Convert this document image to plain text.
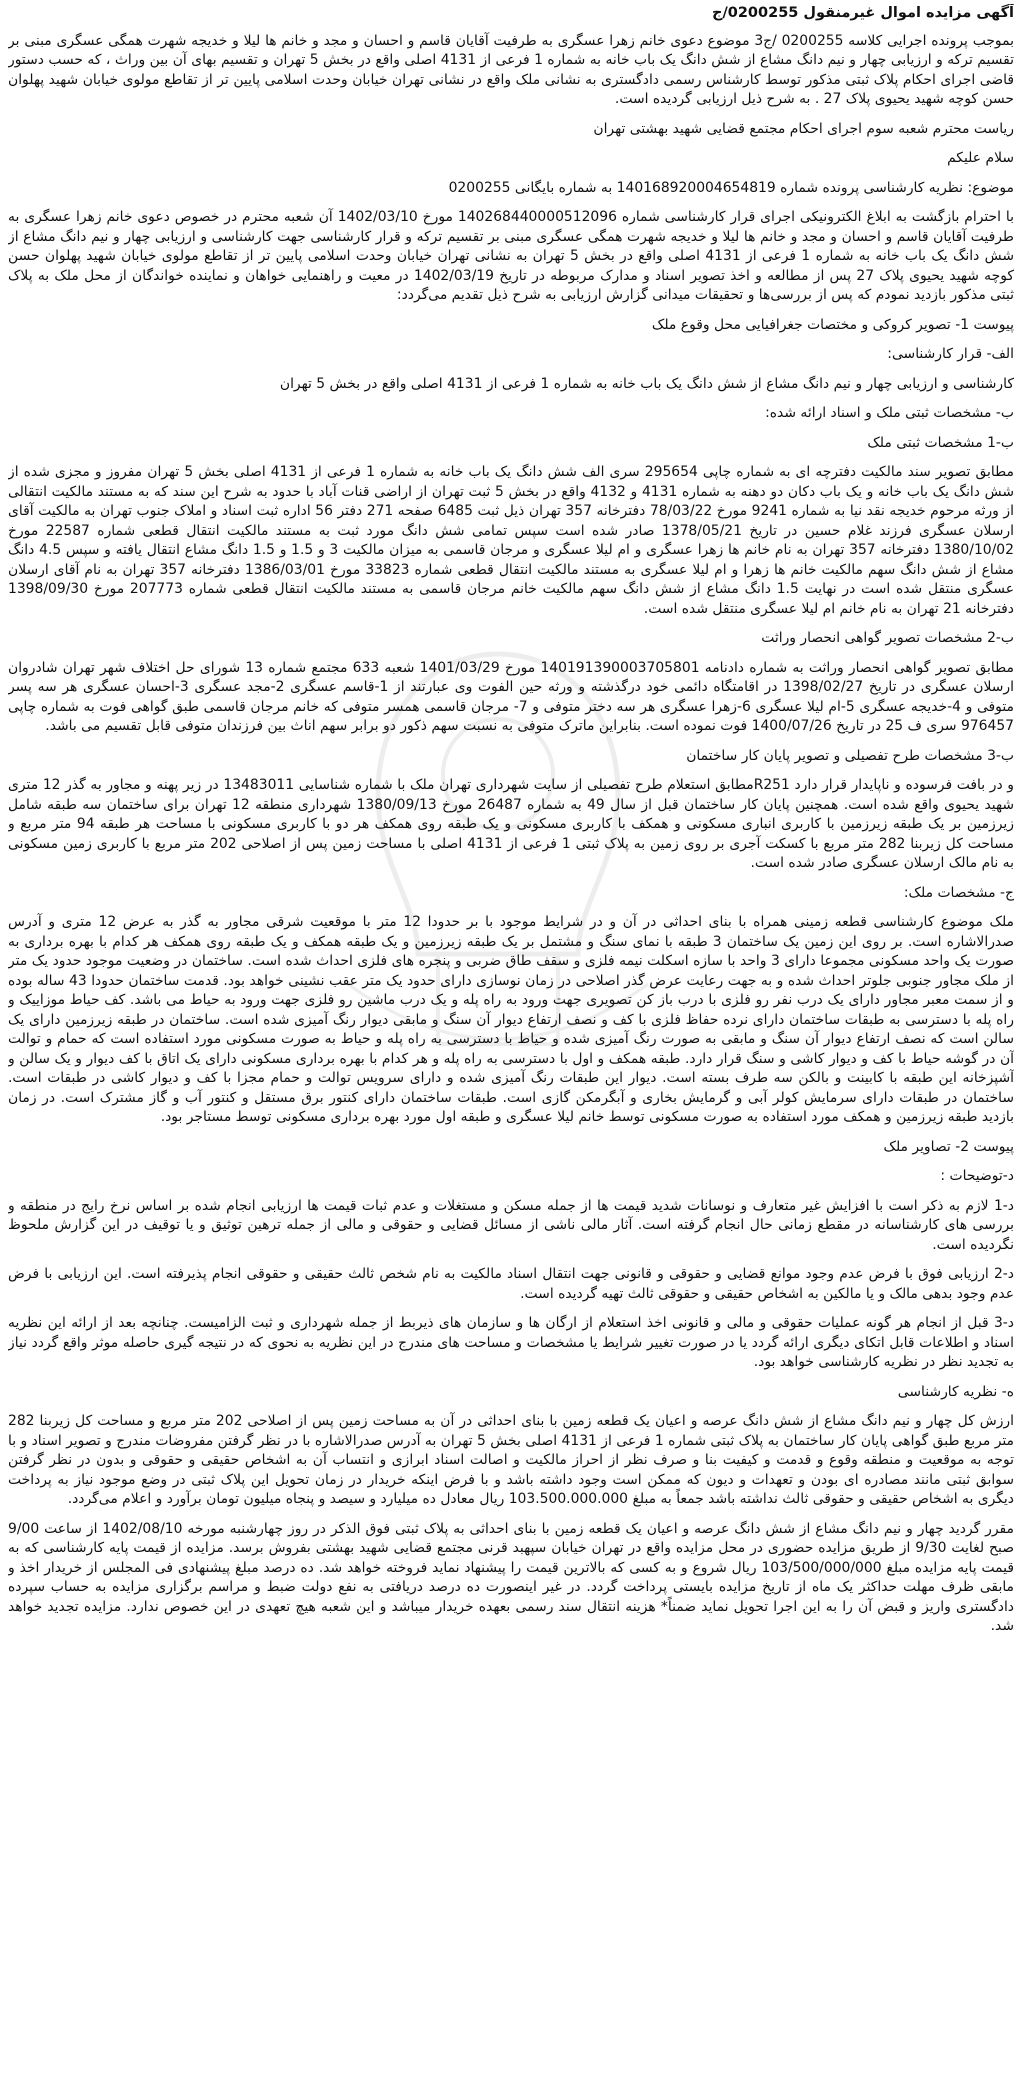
آگهی مزایده اموال غیرمنقول 0200255/ج

بموجب پرونده اجرایی کلاسه 0200255 /ج3 موضوع دعوی خانم زهرا عسگری به طرفیت آقایان قاسم و احسان و مجد و خانم ها لیلا و خدیجه شهرت همگی عسگری مبنی بر تقسیم ترکه و ارزیابی چهار و نیم دانگ مشاع از شش دانگ یک باب خانه به شماره 1 فرعی از 4131 اصلی واقع در بخش 5 تهران و تقسیم بهای آن بین وراث ، که حسب دستور قاضی اجرای احکام پلاک ثبتی مذکور توسط کارشناس رسمی دادگستری به نشانی ملک واقع در نشانی تهران خیابان وحدت اسلامی پایین تر از تقاطع مولوی خیابان شهید پهلوان حسن کوچه شهید یحیوی پلاک 27 . به شرح ذیل ارزیابی گردیده است.

ریاست محترم شعبه سوم اجرای احکام مجتمع قضایی شهید بهشتی تهران

سلام علیکم

موضوع: نظریه کارشناسی پرونده شماره 140168920004654819 به شماره بایگانی 0200255

با احترام بازگشت به ابلاغ الکترونیکی اجرای قرار کارشناسی شماره 140268440000512096 مورخ 1402/03/10 آن شعبه محترم در خصوص دعوی خانم زهرا عسگری به طرفیت آقایان قاسم و احسان و مجد و خانم ها لیلا و خدیجه شهرت همگی عسگری مبنی بر تقسیم ترکه و قرار کارشناسی جهت کارشناسی و ارزیابی چهار و نیم دانگ مشاع از شش دانگ یک باب خانه به شماره 1 فرعی از 4131 اصلی واقع در بخش 5 تهران به نشانی تهران خیابان وحدت اسلامی پایین تر از تقاطع مولوی خیابان شهید پهلوان حسن کوچه شهید یحیوی پلاک 27 پس از مطالعه و اخذ تصویر اسناد و مدارک مربوطه در تاریخ 1402/03/19 در معیت و راهنمایی خواهان و نماینده خواندگان از محل ملک به پلاک ثبتی مذکور بازدید نمودم که پس از بررسی‌ها و تحقیقات میدانی گزارش ارزیابی به شرح ذیل تقدیم می‌گردد:

پیوست 1- تصویر کروکی و مختصات جغرافیایی محل وقوع ملک

الف- قرار کارشناسی:

کارشناسی و ارزیابی چهار و نیم دانگ مشاع از شش دانگ یک باب خانه به شماره 1 فرعی از 4131 اصلی واقع در بخش 5 تهران

ب- مشخصات ثبتی ملک و اسناد ارائه شده:

ب-1 مشخصات ثبتی ملک

مطابق تصویر سند مالکیت دفترچه ای به شماره چاپی 295654 سری الف شش دانگ یک باب خانه به شماره 1 فرعی از 4131 اصلی بخش 5 تهران مفروز و مجزی شده از شش دانگ یک باب خانه و یک باب دکان دو دهنه به شماره 4131 و 4132 واقع در بخش 5 ثبت تهران از اراضی قنات آباد با حدود به شرح این سند که به مستند مالکیت انتقالی از ورثه مرحوم خدیجه نقد نیا به شماره 9241 مورخ 78/03/22 دفترخانه 357 تهران ذیل ثبت 6485 صفحه 271 دفتر 56 اداره ثبت اسناد و املاک جنوب تهران به مالکیت آقای ارسلان عسگری فرزند غلام حسین در تاریخ 1378/05/21 صادر شده است سپس تمامی شش دانگ مورد ثبت به مستند مالکیت انتقال قطعی شماره 22587 مورخ 1380/10/02 دفترخانه 357 تهران به نام خانم ها زهرا عسگری و ام لیلا عسگری و مرجان قاسمی به میزان مالکیت 3 و 1.5 و 1.5 دانگ مشاع انتقال یافته و سپس 4.5 دانگ مشاع از شش دانگ سهم مالکیت خانم ها زهرا و ام لیلا عسگری به مستند مالکیت انتقال قطعی شماره 33823 مورخ 1386/03/01 دفترخانه 357 تهران به نام آقای ارسلان عسگری منتقل شده است در نهایت 1.5 دانگ مشاع از شش دانگ سهم مالکیت خانم مرجان قاسمی به مستند مالکیت انتقال قطعی شماره 207773 مورخ 1398/09/30 دفترخانه 21 تهران به نام خانم ام لیلا عسگری منتقل شده است.

ب-2 مشخصات تصویر گواهی انحصار وراثت

مطابق تصویر گواهی انحصار وراثت به شماره دادنامه 140191390003705801 مورخ 1401/03/29 شعبه 633 مجتمع شماره 13 شورای حل اختلاف شهر تهران شادروان ارسلان عسگری در تاریخ 1398/02/27 در اقامتگاه دائمی خود درگذشته و ورثه حین الفوت وی عبارتند از 1-قاسم عسگری 2-مجد عسگری 3-احسان عسگری هر سه پسر متوفی و 4-خدیجه عسگری 5-ام لیلا عسگری 6-زهرا عسگری هر سه دختر متوفی و 7- مرجان قاسمی همسر متوفی که خانم مرجان قاسمی طبق گواهی فوت به شماره چاپی 976457 سری ف 25 در تاریخ 1400/07/26 فوت نموده است. بنابراین ماترک متوفی به نسبت سهم ذکور دو برابر سهم اناث بین فرزندان متوفی قابل تقسیم می باشد.

ب-3 مشخصات طرح تفصیلی و تصویر پایان کار ساختمان

و در بافت فرسوده و ناپایدار قرار دارد R251مطابق استعلام طرح تفصیلی از سایت شهرداری تهران ملک با شماره شناسایی 13483011 در زیر پهنه و مجاور به گذر 12 متری شهید یحیوی واقع شده است. همچنین پایان کار ساختمان قبل از سال 49 به شماره 26487 مورخ 1380/09/13 شهرداری منطقه 12 تهران برای ساختمان سه طبقه شامل زیرزمین بر یک طبقه زیرزمین با کاربری انباری مسکونی و همکف با کاربری مسکونی و یک طبقه روی همکف هر دو با کاربری مسکونی با مساحت هر طبقه 94 متر مربع و مساحت کل زیربنا 282 متر مربع با کسکت آجری بر روی زمین به پلاک ثبتی 1 فرعی از 4131 اصلی با مساحت زمین پس از اصلاحی 202 متر مربع با کاربری زمین مسکونی به نام مالک ارسلان عسگری صادر شده است.

ج- مشخصات ملک:

ملک موضوع کارشناسی قطعه زمینی همراه با بنای احداثی در آن و در شرایط موجود با بر حدودا 12 متر با موقعیت شرقی مجاور به گذر به عرض 12 متری و آدرس صدرالاشاره است. بر روی این زمین یک ساختمان 3 طبقه با نمای سنگ و مشتمل بر یک طبقه زیرزمین و یک طبقه همکف و یک طبقه روی همکف هر کدام با بهره برداری به صورت یک واحد مسکونی مجموعا دارای 3 واحد با سازه اسکلت نیمه فلزی و سقف طاق ضربی و پنجره های فلزی احداث شده است. ساختمان در وضعیت موجود حدود یک متر از ملک مجاور جنوبی جلوتر احداث شده و به جهت رعایت عرض گذر اصلاحی در زمان نوسازی دارای حدود یک متر عقب نشینی خواهد بود. قدمت ساختمان حدودا 43 ساله بوده و از سمت معبر مجاور دارای یک درب نفر رو فلزی با درب باز کن تصویری جهت ورود به راه پله و یک درب ماشین رو فلزی جهت ورود به حیاط می باشد. کف حیاط موزاییک و راه پله با دسترسی به طبقات ساختمان دارای نرده حفاظ فلزی با کف و نصف ارتفاع دیوار آن سنگ و مابقی دیوار رنگ آمیزی شده است. ساختمان در طبقه زیرزمین دارای یک سالن است که نصف ارتفاع دیوار آن سنگ و مابقی به صورت رنگ آمیزی شده و حیاط با دسترسی به راه پله و حیاط به صورت مسکونی مورد استفاده است که حمام و توالت آن در گوشه حیاط با کف و دیوار کاشی و سنگ قرار دارد. طبقه همکف و اول با دسترسی به راه پله و هر کدام با بهره برداری مسکونی دارای یک اتاق با کف دیوار و یک سالن و آشپزخانه این طبقه با کابینت و بالکن سه طرف بسته است. دیوار این طبقات رنگ آمیزی شده و دارای سرویس توالت و حمام مجزا با کف و دیوار کاشی در طبقات است. ساختمان در طبقات دارای سرمایش کولر آبی و گرمایش بخاری و آبگرمکن گازی است. طبقات ساختمان دارای کنتور برق مستقل و کنتور آب و گاز مشترک است. در زمان بازدید طبقه زیرزمین و همکف مورد استفاده به صورت مسکونی توسط خانم لیلا عسگری و طبقه اول مورد بهره برداری مسکونی توسط مستاجر بود.

پیوست 2- تصاویر ملک

د-توضیحات :

د-1 لازم به ذکر است با افزایش غیر متعارف و نوسانات شدید قیمت ها از جمله مسکن و مستغلات و عدم ثبات قیمت ها ارزیابی انجام شده بر اساس نرخ رایج در منطقه و بررسی های کارشناسانه در مقطع زمانی حال انجام گرفته است. آثار مالی ناشی از مسائل قضایی و حقوقی و مالی از جمله ترهین توثیق و یا توقیف در این گزارش ملحوظ نگردیده است.

د-2 ارزیابی فوق با فرض عدم وجود موانع قضایی و حقوقی و قانونی جهت انتقال اسناد مالکیت به نام شخص ثالث حقیقی و حقوقی انجام پذیرفته است. این ارزیابی با فرض عدم وجود بدهی مالک و یا مالکین به اشخاص حقیقی و حقوقی ثالث تهیه گردیده است.

د-3 قبل از انجام هر گونه عملیات حقوقی و مالی و قانونی اخذ استعلام از ارگان ها و سازمان های ذیربط از جمله شهرداری و ثبت الزامیست. چنانچه بعد از ارائه این نظریه اسناد و اطلاعات قابل اتکای دیگری ارائه گردد یا در صورت تغییر شرایط یا مشخصات و مساحت های مندرج در این نظریه به نحوی که در نتیجه گیری حاصله موثر واقع گردد نیاز به تجدید نظر در نظریه کارشناسی خواهد بود.

ه- نظریه کارشناسی

ارزش کل چهار و نیم دانگ مشاع از شش دانگ عرصه و اعیان یک قطعه زمین با بنای احداثی در آن به مساحت زمین پس از اصلاحی 202 متر مربع و مساحت کل زیربنا 282 متر مربع طبق گواهی پایان کار ساختمان به پلاک ثبتی شماره 1 فرعی از 4131 اصلی بخش 5 تهران به آدرس صدرالاشاره با در نظر گرفتن مفروضات مندرج و تصویر اسناد و با توجه به موقعیت و منطقه وقوع و قدمت و کیفیت بنا و صرف نظر از احراز مالکیت و اصالت اسناد ابرازی و انتساب آن به اشخاص حقیقی و حقوقی و بدون در نظر گرفتن سوابق ثبتی مانند مصادره ای بودن و تعهدات و دیون که ممکن است وجود داشته باشد و با فرض اینکه خریدار در زمان تحویل این پلاک ثبتی در وضع موجود نیاز به پرداخت دیگری به اشخاص حقیقی و حقوقی ثالث نداشته باشد جمعاً به مبلغ 103.500.000.000 ریال معادل ده میلیارد و سیصد و پنجاه میلیون تومان برآورد و اعلام می‌گردد.

مقرر گردید چهار و نیم دانگ مشاع از شش دانگ عرصه و اعیان یک قطعه زمین با بنای احداثی به پلاک ثبتی فوق الذکر در روز چهارشنبه مورخه 1402/08/10 از ساعت 9/00 صبح لغایت 9/30 از طریق مزایده حضوری در محل مزایده واقع در تهران خیابان سپهبد قرنی مجتمع قضایی شهید بهشتی بفروش برسد. مزایده از قیمت پایه کارشناسی که به قیمت پایه مزایده مبلغ 103/500/000/000 ریال شروع و به کسی که بالاترین قیمت را پیشنهاد نماید فروخته خواهد شد. ده درصد مبلغ پیشنهادی فی المجلس از خریدار اخذ و مابقی ظرف مهلت حداکثر یک ماه از تاریخ مزایده بایستی پرداخت گردد. در غیر اینصورت ده درصد دریافتی به نفع دولت ضبط و مراسم برگزاری مزایده به حساب سپرده دادگستری واریز و قبض آن را به این اجرا تحویل نماید ضمناً* هزینه انتقال سند رسمی بعهده خریدار میباشد و این شعبه هیچ تعهدی در این خصوص ندارد. مزایده تجدید خواهد شد.
